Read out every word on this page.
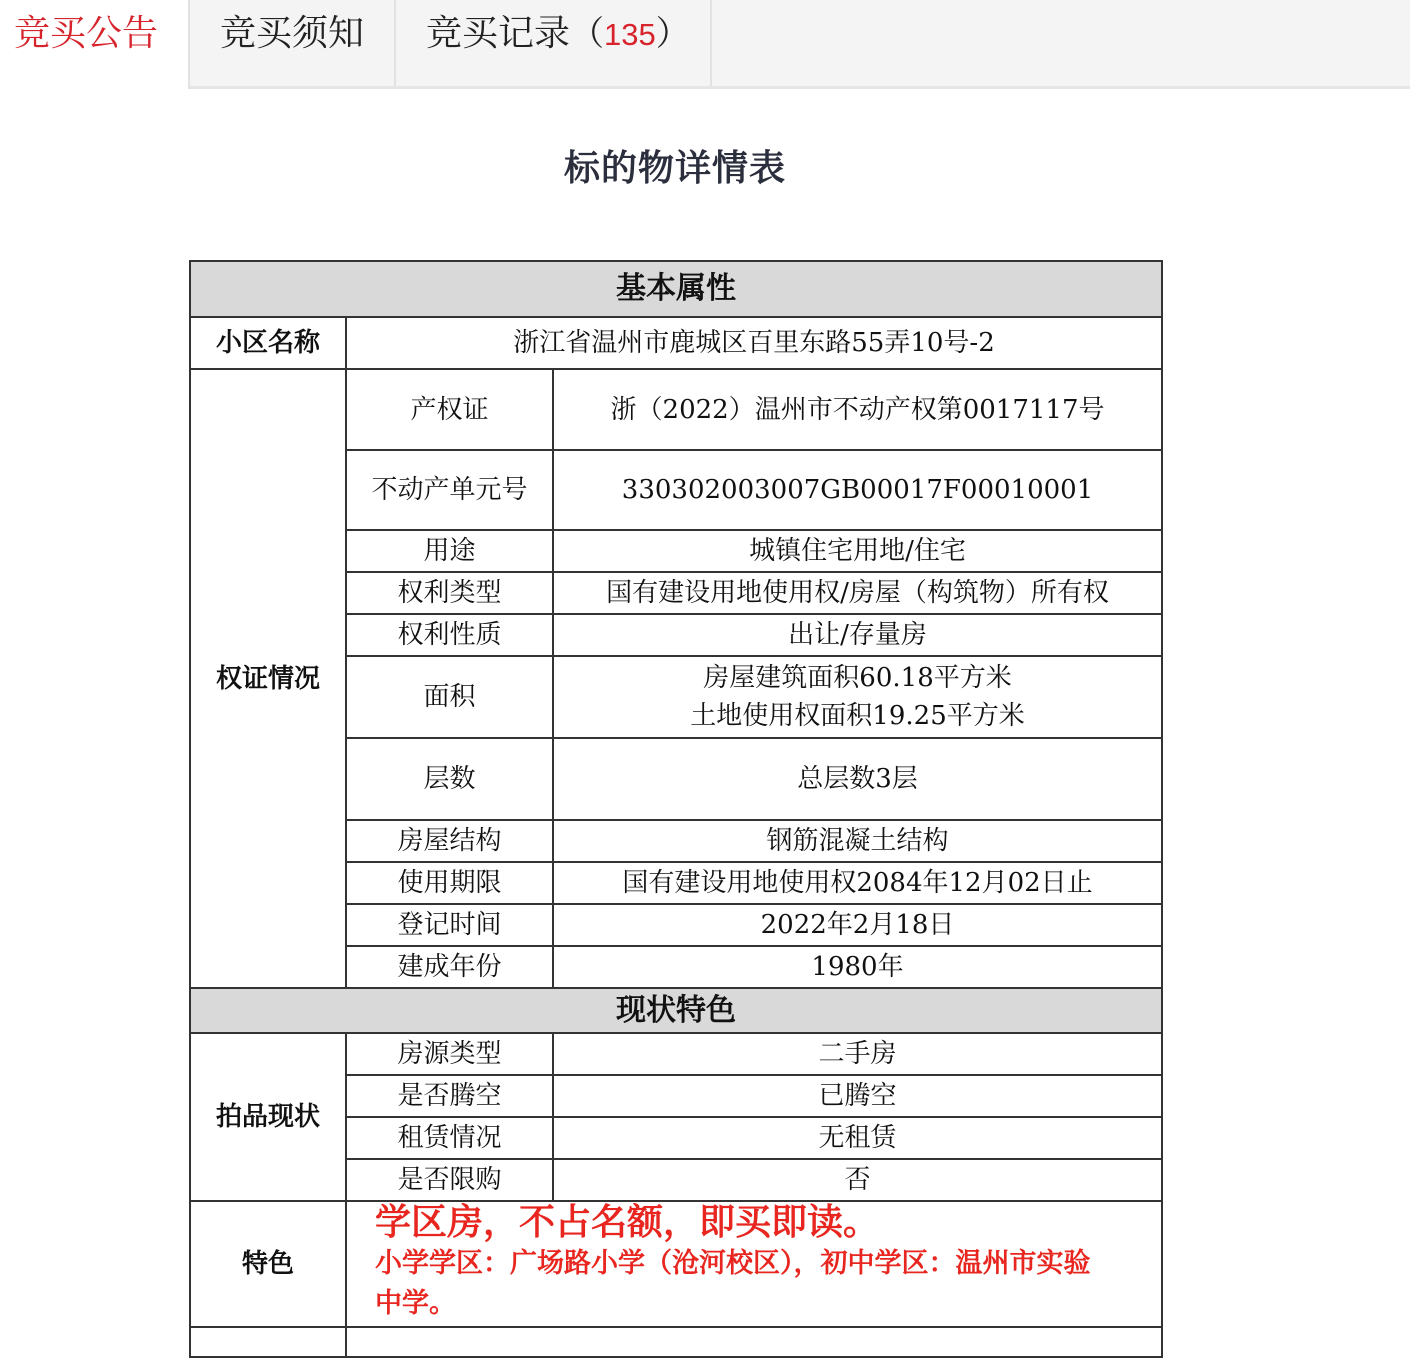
竞买公告	竞买须知	竞买记录（135）
标的物详情表
基本属性		
小区名称	浙江省温州市鹿城区百里东路55弄10号-2	
权证情况	产权证	浙（2022）温州市不动产权第0017117号
	不动产单元号	330302003007GB00017F00010001
	用途	城镇住宅用地/住宅
	权利类型	国有建设用地使用权/房屋（构筑物）所有权
	权利性质	出让/存量房
	面积	房屋建筑面积60.18平方米
土地使用权面积19.25平方米

	层数	总层数3层
	房屋结构	钢筋混凝土结构
	使用期限	国有建设用地使用权2084年12月02日止
	登记时间	2022年2月18日
	建成年份	1980年
现状特色		
拍品现状	房源类型	二手房
	是否腾空	已腾空
	租赁情况	无租赁
	是否限购	否
特色	学区房，不占名额，即买即读。
小学学区：广场路小学（沧河校区），初中学区：温州市实验中学。	
